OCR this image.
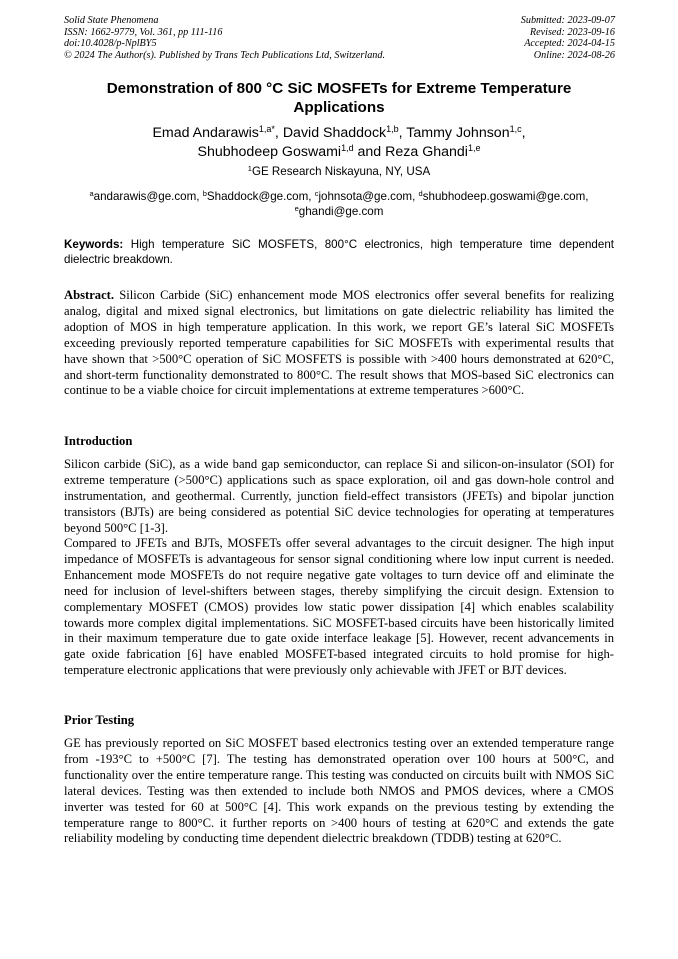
Solid State Phenomena
ISSN: 1662-9779, Vol. 361, pp 111-116
doi:10.4028/p-NplBY5
© 2024 The Author(s). Published by Trans Tech Publications Ltd, Switzerland.
Submitted: 2023-09-07
Revised: 2023-09-16
Accepted: 2024-04-15
Online: 2024-08-26
Demonstration of 800 °C SiC MOSFETs for Extreme Temperature Applications
Emad Andarawis$^{1,a*}$, David Shaddock$^{1,b}$, Tammy Johnson$^{1,c}$,
Shubhodeep Goswami$^{1,d}$ and Reza Ghandi$^{1,e}$
$^1$GE Research Niskayuna, NY, USA
$^a$andarawis@ge.com, $^b$Shaddock@ge.com, $^c$johnsota@ge.com, $^d$shubhodeep.goswami@ge.com,
$^e$ghandi@ge.com
Keywords: High temperature SiC MOSFETS, 800°C electronics, high temperature time dependent dielectric breakdown.
Abstract. Silicon Carbide (SiC) enhancement mode MOS electronics offer several benefits for realizing analog, digital and mixed signal electronics, but limitations on gate dielectric reliability has limited the adoption of MOS in high temperature application. In this work, we report GE’s lateral SiC MOSFETs exceeding previously reported temperature capabilities for SiC MOSFETs with experimental results that have shown that >500°C operation of SiC MOSFETS is possible with >400 hours demonstrated at 620°C, and short-term functionality demonstrated to 800°C. The result shows that MOS-based SiC electronics can continue to be a viable choice for circuit implementations at extreme temperatures >600°C.
Introduction
Silicon carbide (SiC), as a wide band gap semiconductor, can replace Si and silicon-on-insulator (SOI) for extreme temperature (>500°C) applications such as space exploration, oil and gas down-hole control and instrumentation, and geothermal. Currently, junction field-effect transistors (JFETs) and bipolar junction transistors (BJTs) are being considered as potential SiC device technologies for operating at temperatures beyond 500°C [1-3].
Compared to JFETs and BJTs, MOSFETs offer several advantages to the circuit designer. The high input impedance of MOSFETs is advantageous for sensor signal conditioning where low input current is needed. Enhancement mode MOSFETs do not require negative gate voltages to turn device off and eliminate the need for inclusion of level-shifters between stages, thereby simplifying the circuit design. Extension to complementary MOSFET (CMOS) provides low static power dissipation [4] which enables scalability towards more complex digital implementations. SiC MOSFET-based circuits have been historically limited in their maximum temperature due to gate oxide interface leakage [5]. However, recent advancements in gate oxide fabrication [6] have enabled MOSFET-based integrated circuits to hold promise for high-temperature electronic applications that were previously only achievable with JFET or BJT devices.
Prior Testing
GE has previously reported on SiC MOSFET based electronics testing over an extended temperature range from -193°C to +500°C [7]. The testing has demonstrated operation over 100 hours at 500°C, and functionality over the entire temperature range. This testing was conducted on circuits built with NMOS SiC lateral devices. Testing was then extended to include both NMOS and PMOS devices, where a CMOS inverter was tested for 60 at 500°C [4]. This work expands on the previous testing by extending the temperature range to 800°C. it further reports on >400 hours of testing at 620°C and extends the gate reliability modeling by conducting time dependent dielectric breakdown (TDDB) testing at 620°C.
